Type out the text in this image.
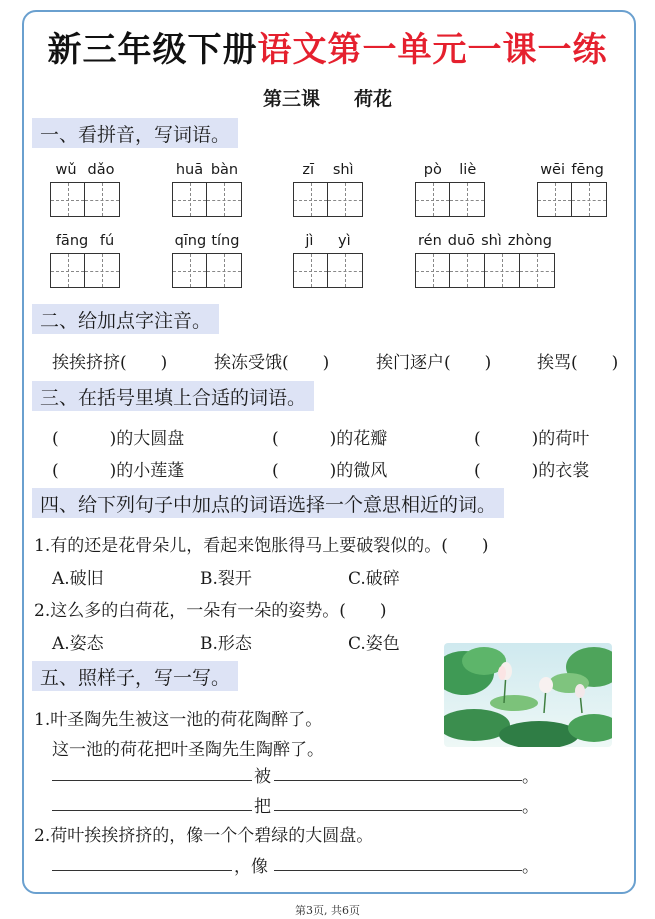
新三年级下册语文第一单元一课一练
第三课 荷花
一、看拼音，写词语。
wǔ dǎo	huā bàn	zī shì	pò liè	wēi fēng
fāng fú	qīng tíng	jì yì	rén duō shì zhòng
二、给加点字注音。
挨挨挤挤(　　)	挨冻受饿(　　)	挨门逐户(　　)	挨骂(　　)
三、在括号里填上合适的词语。
(　　　)的大圆盘	(　　　)的花瓣	(　　　)的荷叶
(　　　)的小莲蓬	(　　　)的微风	(　　　)的衣裳
四、给下列句子中加点的词语选择一个意思相近的词。
1.有的还是花骨朵儿，看起来饱胀得马上要破裂似的。(　　)
A.破旧	B.裂开	C.破碎
2.这么多的白荷花，一朵有一朵的姿势。(　　)
A.姿态	B.形态	C.姿色
五、照样子，写一写。
1.叶圣陶先生被这一池的荷花陶醉了。
这一池的荷花把叶圣陶先生陶醉了。
被	。
把	。
2.荷叶挨挨挤挤的，像一个个碧绿的大圆盘。
，像	。
第3页, 共6页
